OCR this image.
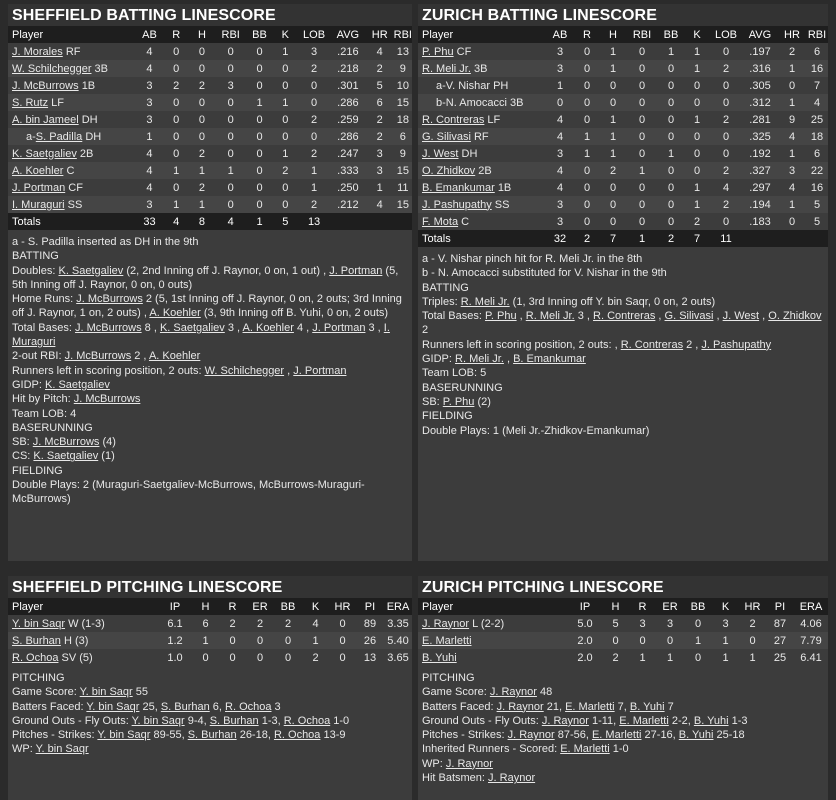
SHEFFIELD BATTING LINESCORE
Player	AB	R	H	RBI	BB	K	LOB	AVG	HR	RBI
J. Morales RF	4	0	0	0	0	1	3	.216	4	13
W. Schilchegger 3B	4	0	0	0	0	0	2	.218	2	9
J. McBurrows 1B	3	2	2	3	0	0	0	.301	5	10
S. Rutz LF	3	0	0	0	1	1	0	.286	6	15
A. bin Jameel DH	3	0	0	0	0	0	2	.259	2	18
a-S. Padilla DH	1	0	0	0	0	0	0	.286	2	6
K. Saetgaliev 2B	4	0	2	0	0	1	2	.247	3	9
A. Koehler C	4	1	1	1	0	2	1	.333	3	15
J. Portman CF	4	0	2	0	0	0	1	.250	1	11
I. Muraguri SS	3	1	1	0	0	0	2	.212	4	15
Totals	33	4	8	4	1	5	13			

a - S. Padilla inserted as DH in the 9th

BATTING

Doubles: K. Saetgaliev (2, 2nd Inning off J. Raynor, 0 on, 1 out) , J. Portman (5, 5th Inning off J. Raynor, 0 on, 0 outs)

Home Runs: J. McBurrows 2 (5, 1st Inning off J. Raynor, 0 on, 2 outs; 3rd Inning off J. Raynor, 1 on, 2 outs) , A. Koehler (3, 9th Inning off B. Yuhi, 0 on, 2 outs)

Total Bases: J. McBurrows 8 , K. Saetgaliev 3 , A. Koehler 4 , J. Portman 3 , I. Muraguri

2-out RBI: J. McBurrows 2 , A. Koehler

Runners left in scoring position, 2 outs: W. Schilchegger , J. Portman

GIDP: K. Saetgaliev

Hit by Pitch: J. McBurrows

Team LOB: 4

BASERUNNING

SB: J. McBurrows (4)

CS: K. Saetgaliev (1)

FIELDING

Double Plays: 2 (Muraguri-Saetgaliev-McBurrows, McBurrows-Muraguri-McBurrows)

ZURICH BATTING LINESCORE
Player	AB	R	H	RBI	BB	K	LOB	AVG	HR	RBI
P. Phu CF	3	0	1	0	1	1	0	.197	2	6
R. Meli Jr. 3B	3	0	1	0	0	1	2	.316	1	16
a-V. Nishar PH	1	0	0	0	0	0	0	.305	0	7
b-N. Amocacci 3B	0	0	0	0	0	0	0	.312	1	4
R. Contreras LF	4	0	1	0	0	1	2	.281	9	25
G. Silivasi RF	4	1	1	0	0	0	0	.325	4	18
J. West DH	3	1	1	0	1	0	0	.192	1	6
O. Zhidkov 2B	4	0	2	1	0	0	2	.327	3	22
B. Emankumar 1B	4	0	0	0	0	1	4	.297	4	16
J. Pashupathy SS	3	0	0	0	0	1	2	.194	1	5
F. Mota C	3	0	0	0	0	2	0	.183	0	5
Totals	32	2	7	1	2	7	11			

a - V. Nishar pinch hit for R. Meli Jr. in the 8th

b - N. Amocacci substituted for V. Nishar in the 9th

BATTING

Triples: R. Meli Jr. (1, 3rd Inning off Y. bin Saqr, 0 on, 2 outs)

Total Bases: P. Phu , R. Meli Jr. 3 , R. Contreras , G. Silivasi , J. West , O. Zhidkov 2

Runners left in scoring position, 2 outs: , R. Contreras 2 , J. Pashupathy

GIDP: R. Meli Jr. , B. Emankumar

Team LOB: 5

BASERUNNING

SB: P. Phu (2)

FIELDING

Double Plays: 1 (Meli Jr.-Zhidkov-Emankumar)

SHEFFIELD PITCHING LINESCORE
Player	IP	H	R	ER	BB	K	HR	PI	ERA
Y. bin Saqr W (1-3)	6.1	6	2	2	2	4	0	89	3.35
S. Burhan H (3)	1.2	1	0	0	0	1	0	26	5.40
R. Ochoa SV (5)	1.0	0	0	0	0	2	0	13	3.65

PITCHING

Game Score: Y. bin Saqr 55

Batters Faced: Y. bin Saqr 25, S. Burhan 6, R. Ochoa 3

Ground Outs - Fly Outs: Y. bin Saqr 9-4, S. Burhan 1-3, R. Ochoa 1-0

Pitches - Strikes: Y. bin Saqr 89-55, S. Burhan 26-18, R. Ochoa 13-9

WP: Y. bin Saqr

ZURICH PITCHING LINESCORE
Player	IP	H	R	ER	BB	K	HR	PI	ERA
J. Raynor L (2-2)	5.0	5	3	3	0	3	2	87	4.06
E. Marletti	2.0	0	0	0	1	1	0	27	7.79
B. Yuhi	2.0	2	1	1	0	1	1	25	6.41

PITCHING

Game Score: J. Raynor 48

Batters Faced: J. Raynor 21, E. Marletti 7, B. Yuhi 7

Ground Outs - Fly Outs: J. Raynor 1-11, E. Marletti 2-2, B. Yuhi 1-3

Pitches - Strikes: J. Raynor 87-56, E. Marletti 27-16, B. Yuhi 25-18

Inherited Runners - Scored: E. Marletti 1-0

WP: J. Raynor

Hit Batsmen: J. Raynor
